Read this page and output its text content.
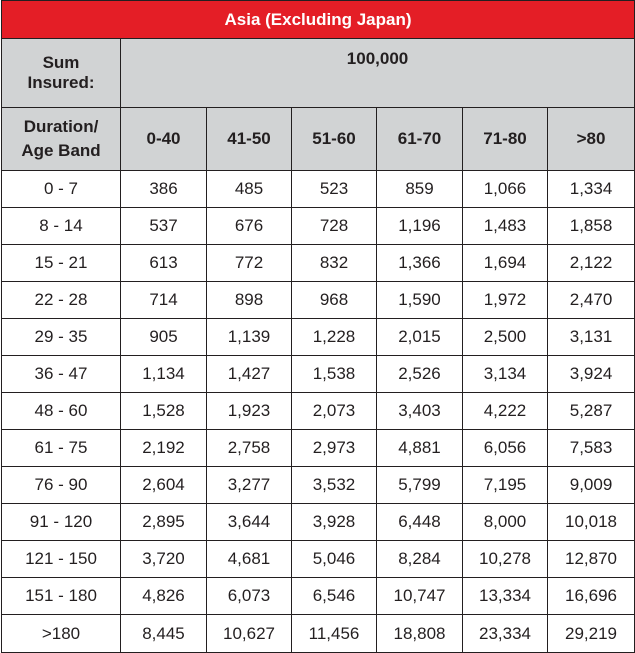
Asia (Excluding Japan)						
Sum
Insured:	100,000					
Duration/
Age Band	0-40	41-50	51-60	61-70	71-80	>80
0 - 7	386	485	523	859	1,066	1,334
8 - 14	537	676	728	1,196	1,483	1,858
15 - 21	613	772	832	1,366	1,694	2,122
22 - 28	714	898	968	1,590	1,972	2,470
29 - 35	905	1,139	1,228	2,015	2,500	3,131
36 - 47	1,134	1,427	1,538	2,526	3,134	3,924
48 - 60	1,528	1,923	2,073	3,403	4,222	5,287
61 - 75	2,192	2,758	2,973	4,881	6,056	7,583
76 - 90	2,604	3,277	3,532	5,799	7,195	9,009
91 - 120	2,895	3,644	3,928	6,448	8,000	10,018
121 - 150	3,720	4,681	5,046	8,284	10,278	12,870
151 - 180	4,826	6,073	6,546	10,747	13,334	16,696
>180	8,445	10,627	11,456	18,808	23,334	29,219
